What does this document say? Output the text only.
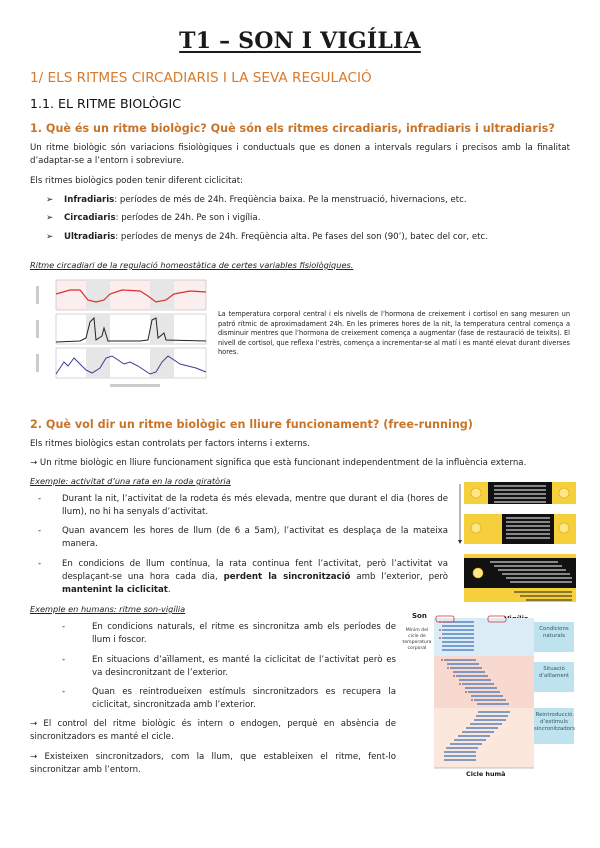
T1 – SON I VIGÍLIA
1/ ELS RITMES CIRCADIARIS I LA SEVA REGULACIÓ
1.1. EL RITME BIOLÒGIC
1. Què és un ritme biològic? Què són els ritmes circadiaris, infradiaris i ultradiaris?
Un ritme biològic són variacions fisiològiques i conductuals que es donen a intervals regulars i precisos amb la finalitat d’adaptar-se a l’entorn i sobreviure.
Els ritmes biològics poden tenir diferent ciclicitat:
➢ Infradiaris: períodes de més de 24h. Freqüència baixa. Pe la menstruació, hivernacions, etc.
➢ Circadiaris: períodes de 24h. Pe son i vigília.
➢ Ultradiaris: períodes de menys de 24h. Freqüència alta. Pe fases del son (90’), batec del cor, etc.
Ritme circadiari de la regulació homeostàtica de certes variables fisiològiques.
La temperatura corporal central i els nivells de l’hormona de creixement i cortisol en sang mesuren un patró rítmic de aproximadament 24h. En les primeres hores de la nit, la temperatura central comença a disminuir mentres que l’hormona de creixement comença a augmentar (fase de restauració de teixits). El nivell de cortisol, que reflexa l’estrès, comença a incrementar-se al matí i es manté elevat durant diverses hores.
2. Què vol dir un ritme biològic en lliure funcionament? (free-running)
Els ritmes biològics estan controlats per factors interns i externs.
→ Un ritme biològic en lliure funcionament significa que està funcionant independentment de la influència externa.
Exemple: activitat d’una rata en la roda giratòria
-	Durant la nit, l’activitat de la rodeta és més elevada, mentre que durant el dia (hores de llum), no hi ha senyals d’activitat.
-	Quan avancem les hores de llum (de 6 a 5am), l’activitat es desplaça de la mateixa manera.
-	En condicions de llum contínua, la rata continua fent l’activitat, però l’activitat va desplaçant-se una hora cada dia, perdent la sincronització amb l’exterior, però mantenint la ciclicitat.
Exemple en humans: ritme son-vigília
-	En condicions naturals, el ritme es sincronitza amb els períodes de llum i foscor.
-	En situacions d’aïllament, es manté la ciclicitat de l’activitat però es va desincronitzant de l’exterior.
-	Quan es reintrodueixen estímuls sincronitzadors es recupera la ciclicitat, sincronitzada amb l’exterior.
→ El control del ritme biològic és intern o endogen, perquè en absència de sincronitzadors es manté el cicle.
→ Existeixen sincronitzadors, com la llum, que estableixen el ritme, fent-lo sincronitzar amb l’entorn.
Son
Mínim del cicle de temperatura corporal
Condicions naturals
Situació d’aïllament
Reintroducció d’estímuls sincronitzadors
Cicle humà
